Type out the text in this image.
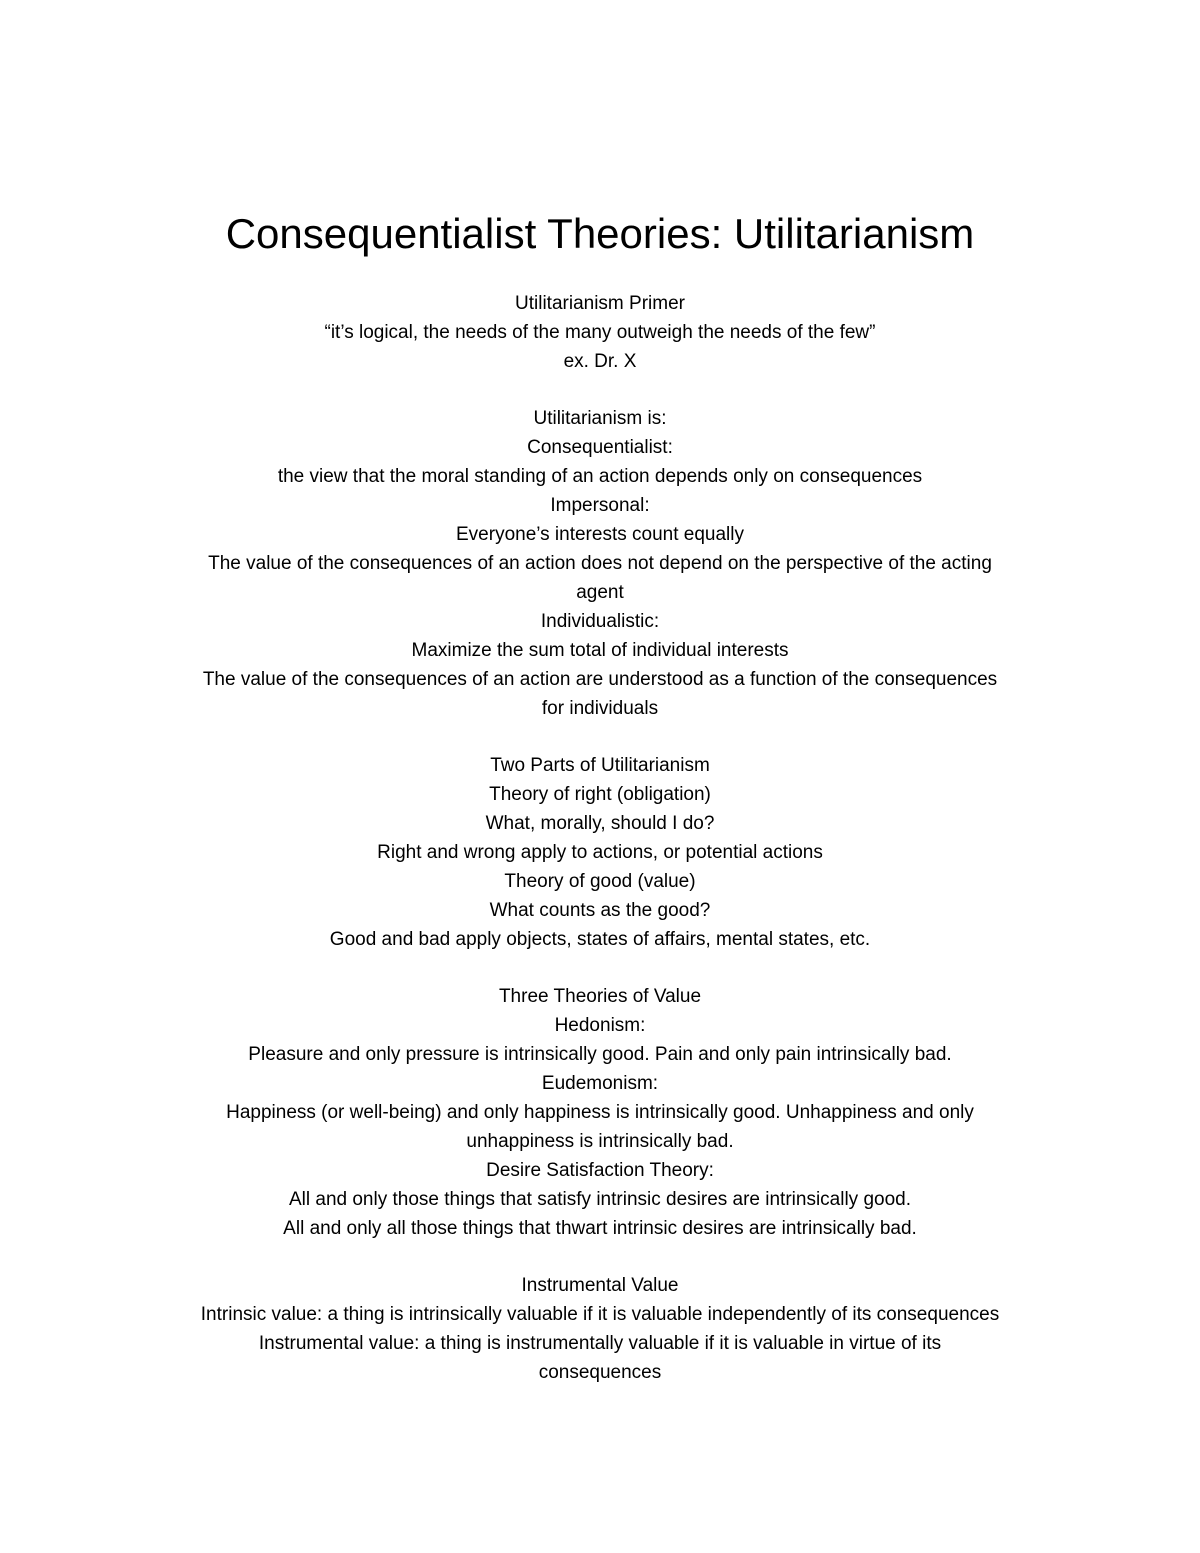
Consequentialist Theories: Utilitarianism
Utilitarianism Primer
“it’s logical, the needs of the many outweigh the needs of the few”
ex. Dr. X
Utilitarianism is:
Consequentialist:
the view that the moral standing of an action depends only on consequences
Impersonal:
Everyone’s interests count equally
The value of the consequences of an action does not depend on the perspective of the acting
agent
Individualistic:
Maximize the sum total of individual interests
The value of the consequences of an action are understood as a function of the consequences
for individuals
Two Parts of Utilitarianism
Theory of right (obligation)
What, morally, should I do?
Right and wrong apply to actions, or potential actions
Theory of good (value)
What counts as the good?
Good and bad apply objects, states of affairs, mental states, etc.
Three Theories of Value
Hedonism:
Pleasure and only pressure is intrinsically good. Pain and only pain intrinsically bad.
Eudemonism:
Happiness (or well-being) and only happiness is intrinsically good. Unhappiness and only
unhappiness is intrinsically bad.
Desire Satisfaction Theory:
All and only those things that satisfy intrinsic desires are intrinsically good.
All and only all those things that thwart intrinsic desires are intrinsically bad.
Instrumental Value
Intrinsic value: a thing is intrinsically valuable if it is valuable independently of its consequences
Instrumental value: a thing is instrumentally valuable if it is valuable in virtue of its
consequences
